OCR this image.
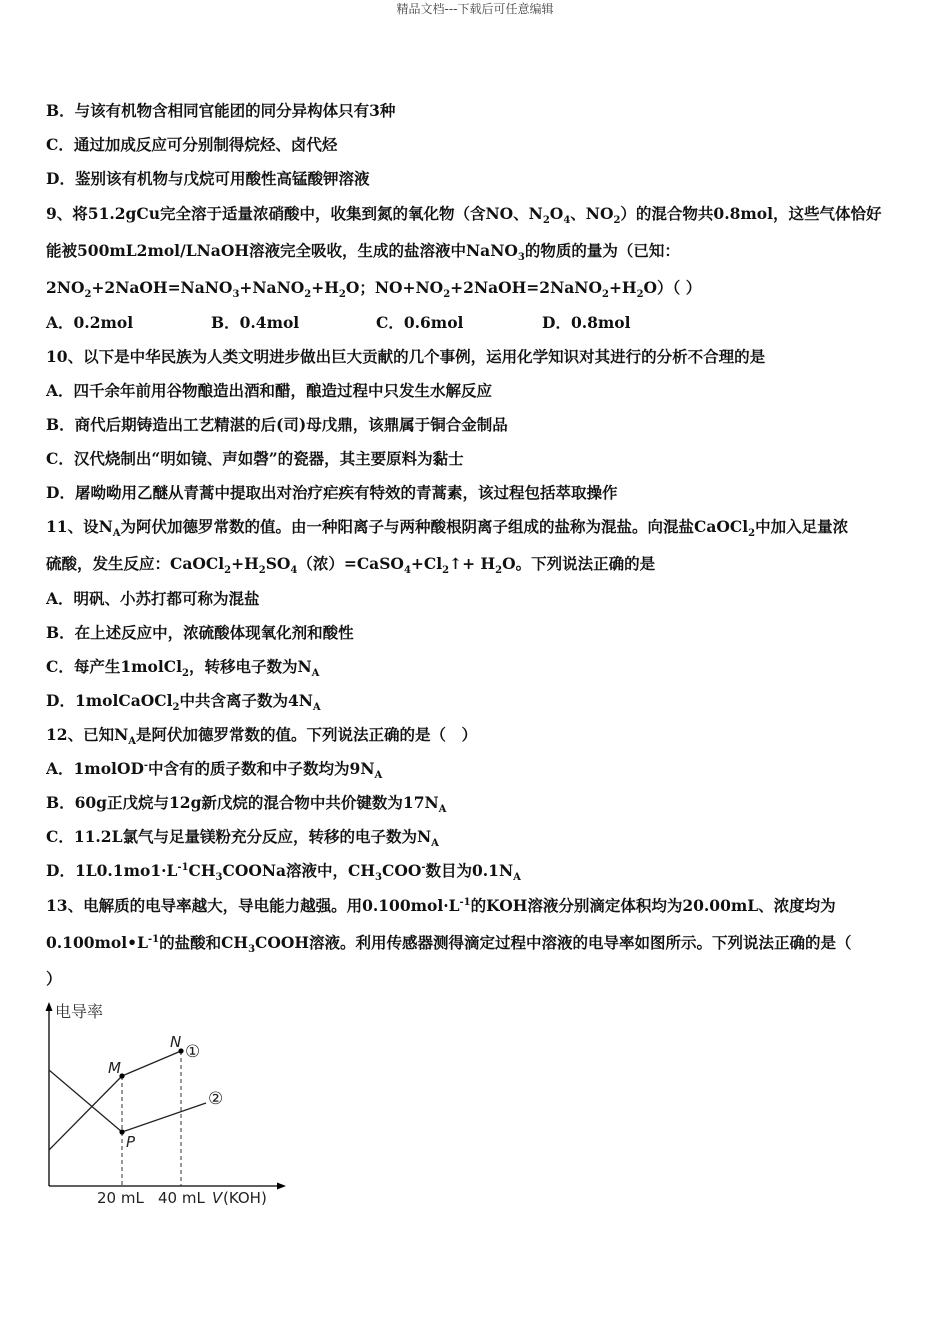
精品文档---下载后可任意编辑
B．与该有机物含相同官能团的同分异构体只有3种
C．通过加成反应可分别制得烷烃、卤代烃
D．鉴别该有机物与戊烷可用酸性高锰酸钾溶液
9、将51.2gCu完全溶于适量浓硝酸中，收集到氮的氧化物（含NO、$N_2O_4$、$NO_2$）的混合物共0.8mol，这些气体恰好
能被500mL2mol/LNaOH溶液完全吸收，生成的盐溶液中NaNO$_3$的物质的量为（已知：
$2NO_2+2NaOH=NaNO_3+NaNO_2+H_2O$；$NO+NO_2+2NaOH=2NaNO_2+H_2O$）（ ）
A．0.2mol	B．0.4mol	C．0.6mol	D．0.8mol
10、以下是中华民族为人类文明进步做出巨大贡献的几个事例，运用化学知识对其进行的分析不合理的是
A．四千余年前用谷物酿造出酒和醋，酿造过程中只发生水解反应
B．商代后期铸造出工艺精湛的后(司)母戊鼎，该鼎属于铜合金制品
C．汉代烧制出“明如镜、声如磬”的瓷器，其主要原料为黏士
D．屠呦呦用乙醚从青蒿中提取出对治疗疟疾有特效的青蒿素，该过程包括萃取操作
11、设$N_A$为阿伏加德罗常数的值。由一种阳离子与两种酸根阴离子组成的盐称为混盐。向混盐CaOCl$_2$中加入足量浓
硫酸，发生反应：$CaOCl_2+H_2SO_4$（浓）$=CaSO_4+Cl_2↑+ H_2O$。下列说法正确的是
A．明矾、小苏打都可称为混盐
B．在上述反应中，浓硫酸体现氧化剂和酸性
C．每产生1molCl$_2$，转移电子数为$N_A$
D．1molCaOCl$_2$中共含离子数为$4N_A$
12、已知$N_A$是阿伏加德罗常数的值。下列说法正确的是（　）
A．1molOD-中含有的质子数和中子数均为$9N_A$
B．60g正戊烷与12g新戊烷的混合物中共价键数为$17N_A$
C．11.2L氯气与足量镁粉充分反应，转移的电子数为$N_A$
D．$1L0.1mo1\cdot L^{-1}CH_3COONa$溶液中，$CH_3COO^-$数目为$0.1N_A$
13、电解质的电导率越大，导电能力越强。用$0.100mol\cdot L^{-1}$的KOH溶液分别滴定体积均为20.00mL、浓度均为
$0.100mol•L^{-1}$的盐酸和$CH_3COOH$溶液。利用传感器测得滴定过程中溶液的电导率如图所示。下列说法正确的是（
）
电导率
M
N
P
①
②
20 mL 40 mL V (KOH)
